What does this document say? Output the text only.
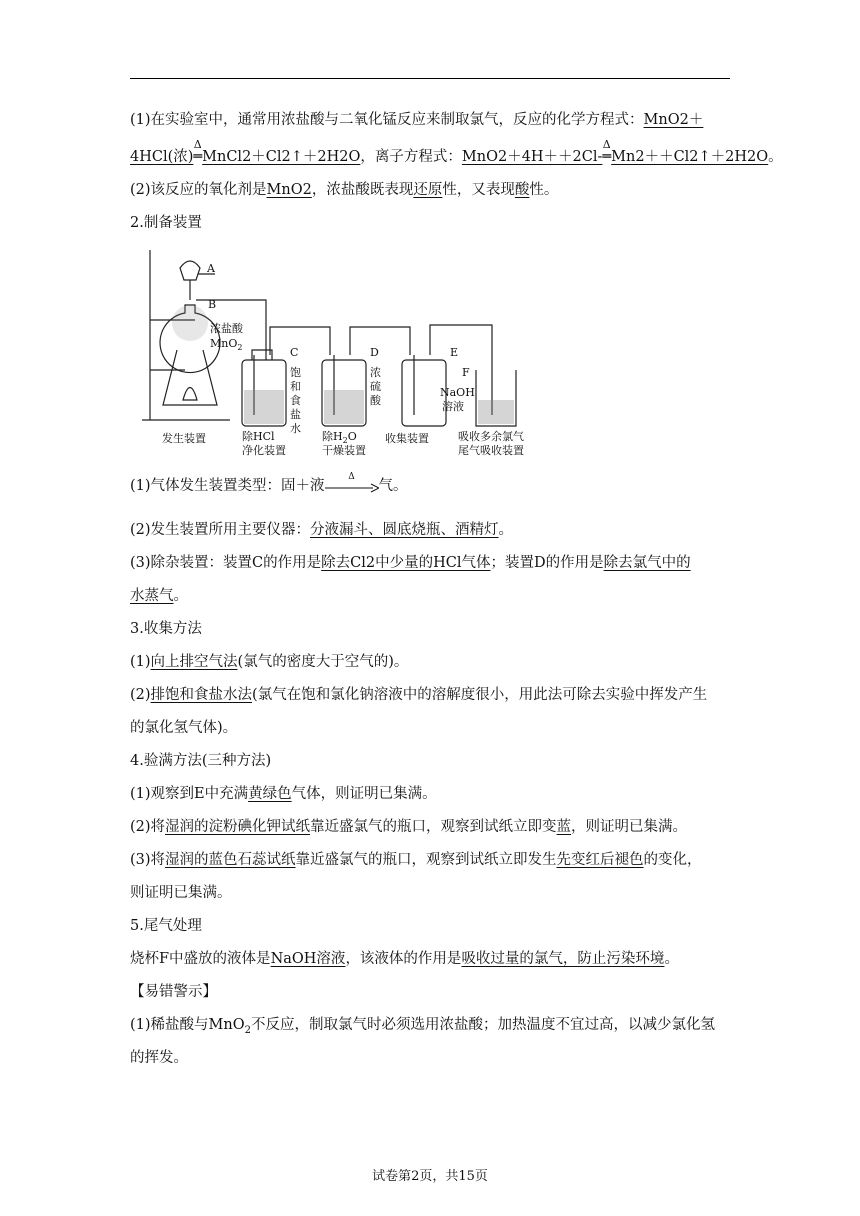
(1)在实验室中，通常用浓盐酸与二氧化锰反应来制取氯气，反应的化学方程式：MnO2＋
4HCl(浓)
Δ
═MnCl2＋Cl2↑＋2H2O，离子方程式：MnO2＋4H＋＋2Cl-
Δ
═Mn2＋＋Cl2↑＋2H2O。
(2)该反应的氧化剂是MnO2，浓盐酸既表现还原性，又表现酸性。
2.制备装置
A
B
浓盐酸
MnO$_2$	C	D	E
F
饱
和
食
盐
水
浓
硫
酸
NaOH
溶液
发生装置	除HCl
净化装置
除$H_2O$
干燥装置
收集装置	吸收多余氯气
尾气吸收装置
(1)气体发生装置类型：固＋液
Δ
气。
(2)发生装置所用主要仪器：分液漏斗、圆底烧瓶、酒精灯。
(3)除杂装置：装置C的作用是除去Cl2中少量的HCl气体；装置D的作用是除去氯气中的
水蒸气。
3.收集方法
(1)向上排空气法(氯气的密度大于空气的)。
(2)排饱和食盐水法(氯气在饱和氯化钠溶液中的溶解度很小，用此法可除去实验中挥发产生
的氯化氢气体)。
4.验满方法(三种方法)
(1)观察到E中充满黄绿色气体，则证明已集满。
(2)将湿润的淀粉碘化钾试纸靠近盛氯气的瓶口，观察到试纸立即变蓝，则证明已集满。
(3)将湿润的蓝色石蕊试纸靠近盛氯气的瓶口，观察到试纸立即发生先变红后褪色的变化，
则证明已集满。
5.尾气处理
烧杯F中盛放的液体是NaOH溶液，该液体的作用是吸收过量的氯气，防止污染环境。
【易错警示】
(1)稀盐酸与MnO$_2$不反应，制取氯气时必须选用浓盐酸；加热温度不宜过高，以减少氯化氢
的挥发。
试卷第2页，共15页
